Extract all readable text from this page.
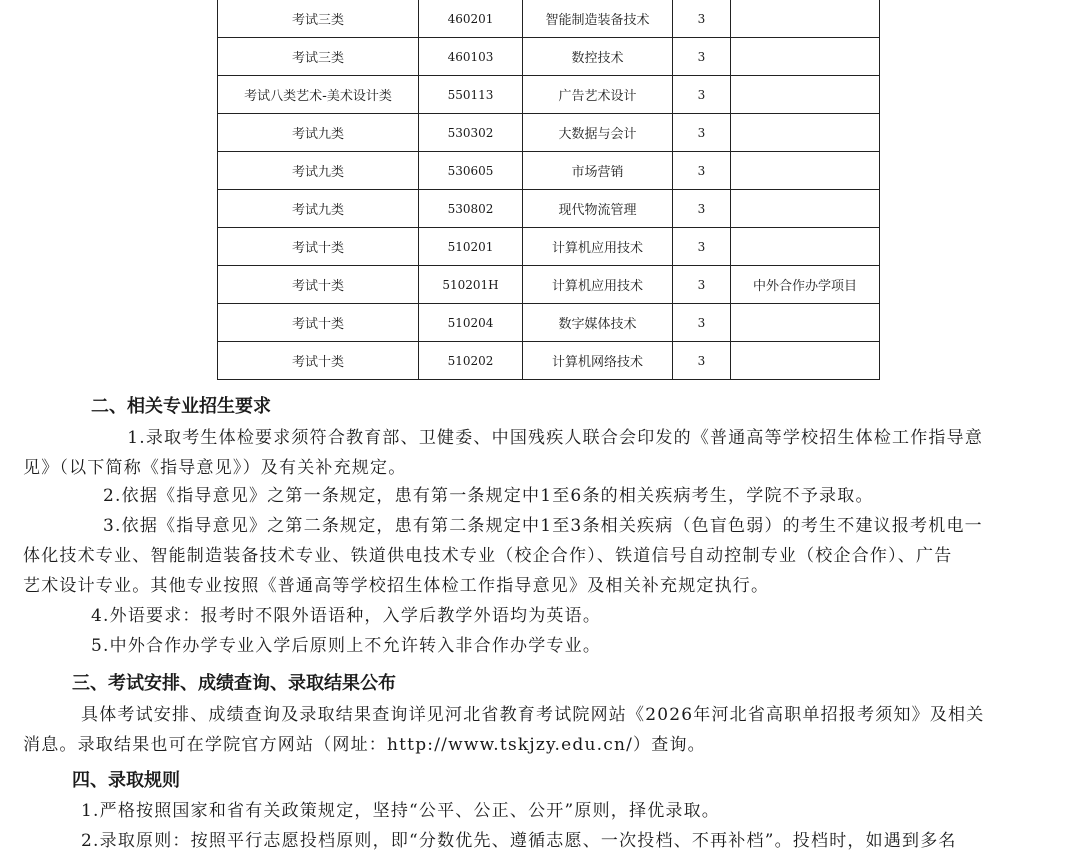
考试三类	460201	智能制造装备技术	3	
考试三类	460103	数控技术	3	
考试八类艺术-美术设计类	550113	广告艺术设计	3	
考试九类	530302	大数据与会计	3	
考试九类	530605	市场营销	3	
考试九类	530802	现代物流管理	3	
考试十类	510201	计算机应用技术	3	
考试十类	510201H	计算机应用技术	3	中外合作办学项目
考试十类	510204	数字媒体技术	3	
考试十类	510202	计算机网络技术	3	
二、相关专业招生要求
　1.录取考生体检要求须符合教育部、卫健委、中国残疾人联合会印发的《普通高等学校招生体检工作指导意
见》（以下简称《指导意见》）及有关补充规定。
2.依据《指导意见》之第一条规定，患有第一条规定中1至6条的相关疾病考生，学院不予录取。
3.依据《指导意见》之第二条规定，患有第二条规定中1至3条相关疾病（色盲色弱）的考生不建议报考机电一
体化技术专业、智能制造装备技术专业、铁道供电技术专业（校企合作）、铁道信号自动控制专业（校企合作）、广告
艺术设计专业。其他专业按照《普通高等学校招生体检工作指导意见》及相关补充规定执行。
4.外语要求：报考时不限外语语种，入学后教学外语均为英语。
5.中外合作办学专业入学后原则上不允许转入非合作办学专业。
三、考试安排、成绩查询、录取结果公布
具体考试安排、成绩查询及录取结果查询详见河北省教育考试院网站《2026年河北省高职单招报考须知》及相关
消息。录取结果也可在学院官方网站（网址：http://www.tskjzy.edu.cn/）查询。
四、录取规则
1.严格按照国家和省有关政策规定，坚持“公平、公正、公开”原则，择优录取。
2.录取原则：按照平行志愿投档原则，即“分数优先、遵循志愿、一次投档、不再补档”。投档时，如遇到多名
